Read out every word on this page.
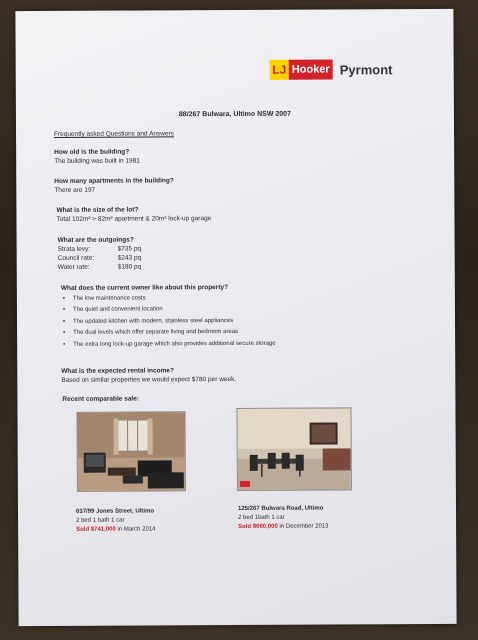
LJ Hooker Pyrmont
88/267 Bulwara, Ultimo NSW 2007
Frequently asked Questions and Answers
How old is the building?
The building was built in 1981
How many apartments in the building?
There are 197
What is the size of the lot?
Total 102m² > 82m² apartment & 20m² lock-up garage
What are the outgoings?
Strata levy:	$735 pq
Council rate:	$243 pq
Water rate:	$180 pq
What does the current owner like about this property?
• The low maintenance costs
• The quiet and convenient location
• The updated kitchen with modern, stainless steel appliances
• The dual levels which offer separate living and bedroom areas
• The extra long lock-up garage which also provides additional secure storage
What is the expected rental income?
Based on similar properties we would expect $780 per week.
Recent comparable sale:
637/99 Jones Street, Ultimo
2 bed 1 bath 1 car
Sold $741,000 in March 2014
125/267 Bulwara Road, Ultimo
2 bed 1bath 1 car
Sold $660,000 in December 2013
